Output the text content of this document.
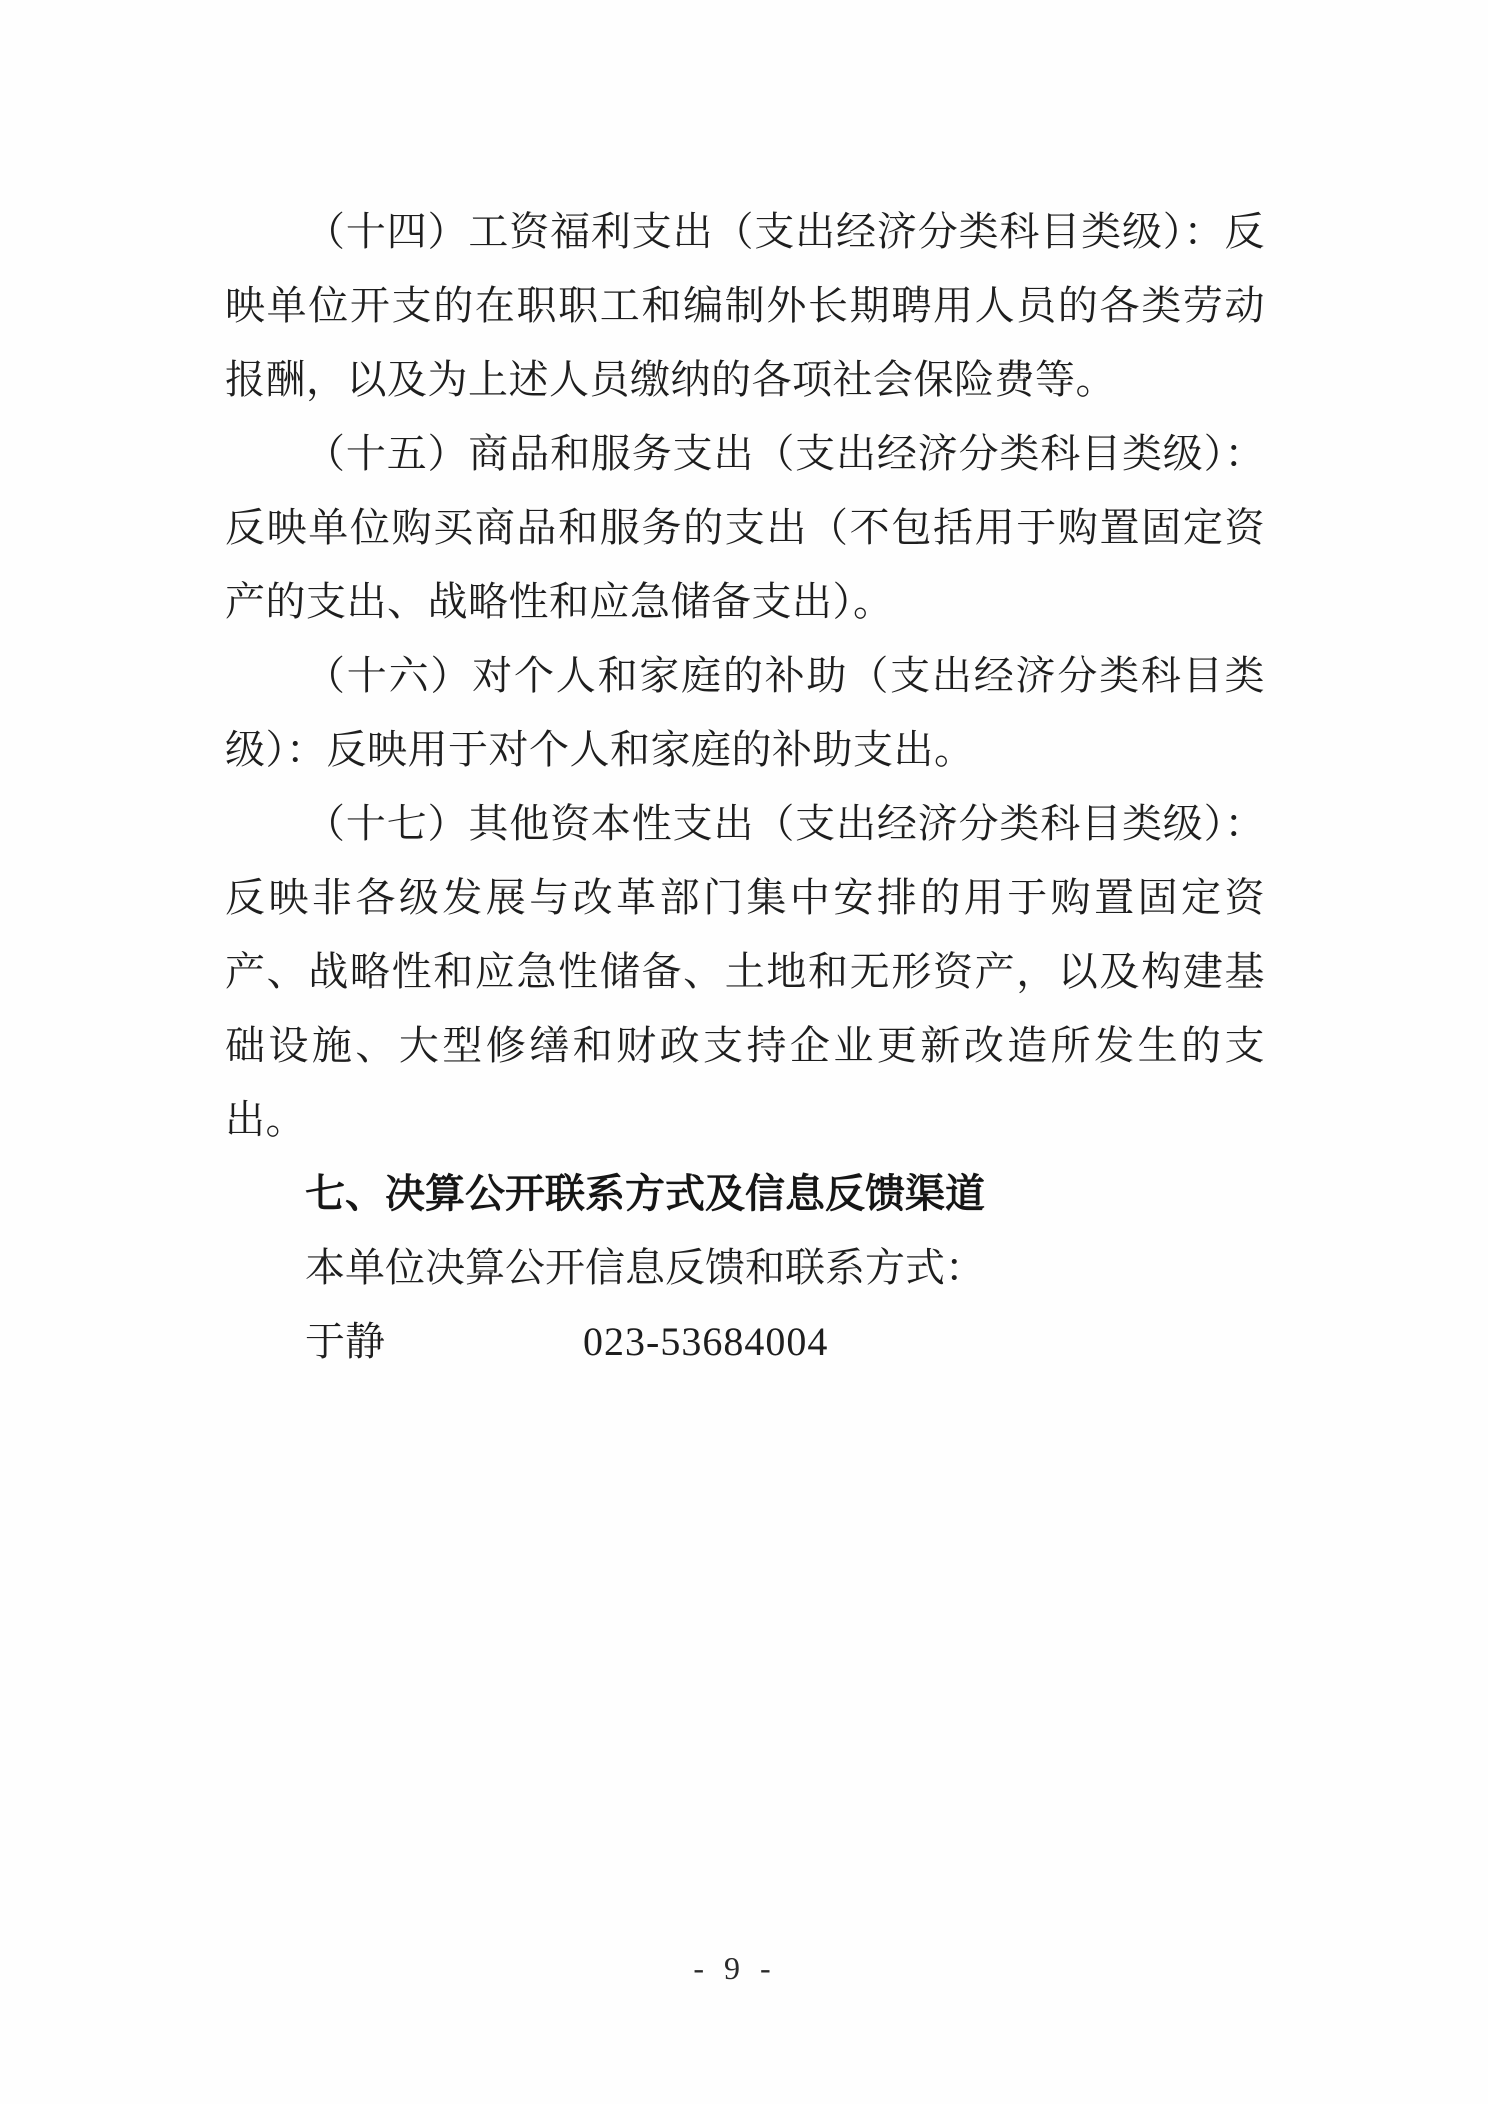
（十四）工资福利支出（支出经济分类科目类级）：反映单位开支的在职职工和编制外长期聘用人员的各类劳动报酬，以及为上述人员缴纳的各项社会保险费等。

（十五）商品和服务支出（支出经济分类科目类级）：反映单位购买商品和服务的支出（不包括用于购置固定资产的支出、战略性和应急储备支出）。

（十六）对个人和家庭的补助（支出经济分类科目类级）：反映用于对个人和家庭的补助支出。

（十七）其他资本性支出（支出经济分类科目类级）：反映非各级发展与改革部门集中安排的用于购置固定资产、战略性和应急性储备、土地和无形资产，以及构建基础设施、大型修缮和财政支持企业更新改造所发生的支出。

七、决算公开联系方式及信息反馈渠道

本单位决算公开信息反馈和联系方式：

于静	023-53684004

- 9 -
